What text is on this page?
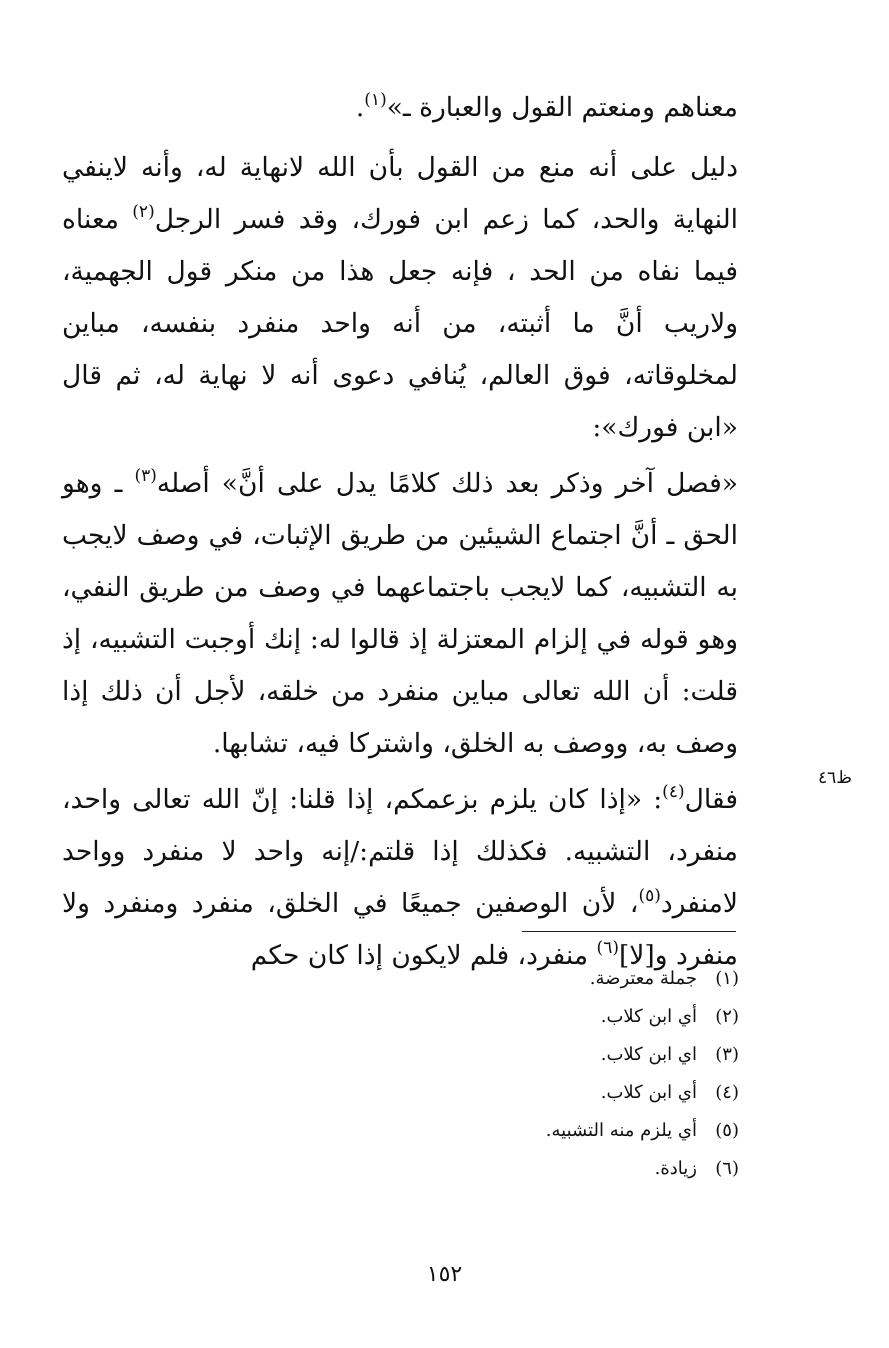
معناهم ومنعتم القول والعبارة ـ»$^{(١)}$.

دليل على أنه منع من القول بأن الله لانهاية له، وأنه لاينفي النهاية والحد، كما زعم ابن فورك، وقد فسر الرجل$^{(٢)}$ معناه فيما نفاه من الحد ، فإنه جعل هذا من منكر قول الجهمية، ولاريب أنَّ ما أثبته، من أنه واحد منفرد بنفسه، مباين لمخلوقاته، فوق العالم، يُنافي دعوى أنه لا نهاية له، ثم قال «ابن فورك»:

«فصل آخر وذكر بعد ذلك كلامًا يدل على أنَّ» أصله$^{(٣)}$ ـ وهو الحق ـ أنَّ اجتماع الشيئين من طريق الإثبات، في وصف لايجب به التشبيه، كما لايجب باجتماعهما في وصف من طريق النفي، وهو قوله في إلزام المعتزلة إذ قالوا له: إنك أوجبت التشبيه، إذ قلت: أن الله تعالى مباين منفرد من خلقه، لأجل أن ذلك إذا وصف به، ووصف به الخلق، واشتركا فيه، تشابها.

فقال$^{(٤)}$: «إذا كان يلزم بزعمكم، إذا قلنا: إنّ الله تعالى واحد، منفرد، التشبيه. فكذلك إذا قلتم:/إنه واحد لا منفرد وواحد لامنفرد$^{(٥)}$، لأن الوصفين جميعًا في الخلق، منفرد ومنفرد ولا منفرد و[لا]$^{(٦)}$ منفرد، فلم لايكون إذا كان حكم

ظ٤٦
(١)جملة معترضة.
(٢)أي ابن كلاب.
(٣)اي ابن كلاب.
(٤)أي ابن كلاب.
(٥)أي يلزم منه التشبيه.
(٦)زيادة.
١٥٢
